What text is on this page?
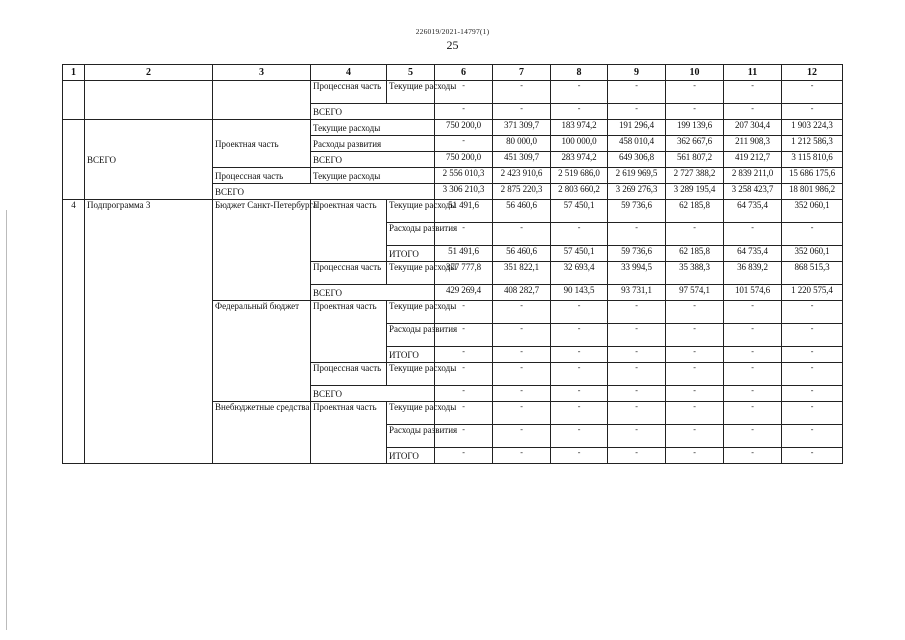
226019/2021-14797(1)
25
1	2	3	4	5	6	7	8	9	10	11	12
			Процессная часть	Текущие расходы	-	-	-	-	-	-	-
			ВСЕГО		-	-	-	-	-	-	-
	ВСЕГО	Проектная часть	Текущие расходы		750 200,0	371 309,7	183 974,2	191 296,4	199 139,6	207 304,4	1 903 224,3
			Расходы развития		-	80 000,0	100 000,0	458 010,4	362 667,6	211 908,3	1 212 586,3
			ВСЕГО		750 200,0	451 309,7	283 974,2	649 306,8	561 807,2	419 212,7	3 115 810,6
		Процессная часть	Текущие расходы		2 556 010,3	2 423 910,6	2 519 686,0	2 619 969,5	2 727 388,2	2 839 211,0	15 686 175,6
		ВСЕГО			3 306 210,3	2 875 220,3	2 803 660,2	3 269 276,3	3 289 195,4	3 258 423,7	18 801 986,2
4	Подпрограмма 3	Бюджет Санкт-Петербурга	Проектная часть	Текущие расходы	51 491,6	56 460,6	57 450,1	59 736,6	62 185,8	64 735,4	352 060,1
				Расходы развития	-	-	-	-	-	-	-
				ИТОГО	51 491,6	56 460,6	57 450,1	59 736,6	62 185,8	64 735,4	352 060,1
			Процессная часть	Текущие расходы	377 777,8	351 822,1	32 693,4	33 994,5	35 388,3	36 839,2	868 515,3
			ВСЕГО		429 269,4	408 282,7	90 143,5	93 731,1	97 574,1	101 574,6	1 220 575,4
		Федеральный бюджет	Проектная часть	Текущие расходы	-	-	-	-	-	-	-
				Расходы развития	-	-	-	-	-	-	-
				ИТОГО	-	-	-	-	-	-	-
			Процессная часть	Текущие расходы	-	-	-	-	-	-	-
			ВСЕГО		-	-	-	-	-	-	-
		Внебюджетные средства	Проектная часть	Текущие расходы	-	-	-	-	-	-	-
				Расходы развития	-	-	-	-	-	-	-
				ИТОГО	-	-	-	-	-	-	-
